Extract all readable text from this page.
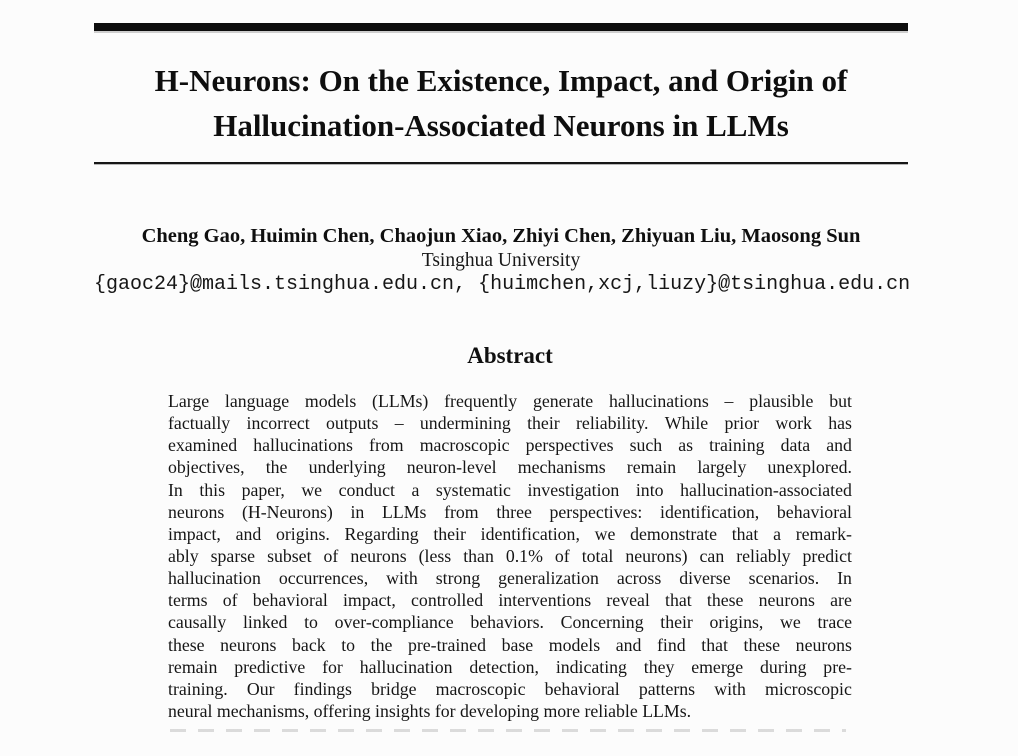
H-Neurons: On the Existence, Impact, and Origin of
Hallucination-Associated Neurons in LLMs
Cheng Gao, Huimin Chen, Chaojun Xiao, Zhiyi Chen, Zhiyuan Liu, Maosong Sun
Tsinghua University
{gaoc24}@mails.tsinghua.edu.cn, {huimchen,xcj,liuzy}@tsinghua.edu.cn
Abstract
Large language models (LLMs) frequently generate hallucinations – plausible but
factually incorrect outputs – undermining their reliability. While prior work has
examined hallucinations from macroscopic perspectives such as training data and
objectives, the underlying neuron-level mechanisms remain largely unexplored.
In this paper, we conduct a systematic investigation into hallucination-associated
neurons (H-Neurons) in LLMs from three perspectives: identification, behavioral
impact, and origins. Regarding their identification, we demonstrate that a remark-
ably sparse subset of neurons (less than 0.1% of total neurons) can reliably predict
hallucination occurrences, with strong generalization across diverse scenarios. In
terms of behavioral impact, controlled interventions reveal that these neurons are
causally linked to over-compliance behaviors. Concerning their origins, we trace
these neurons back to the pre-trained base models and find that these neurons
remain predictive for hallucination detection, indicating they emerge during pre-
training. Our findings bridge macroscopic behavioral patterns with microscopic
neural mechanisms, offering insights for developing more reliable LLMs.
